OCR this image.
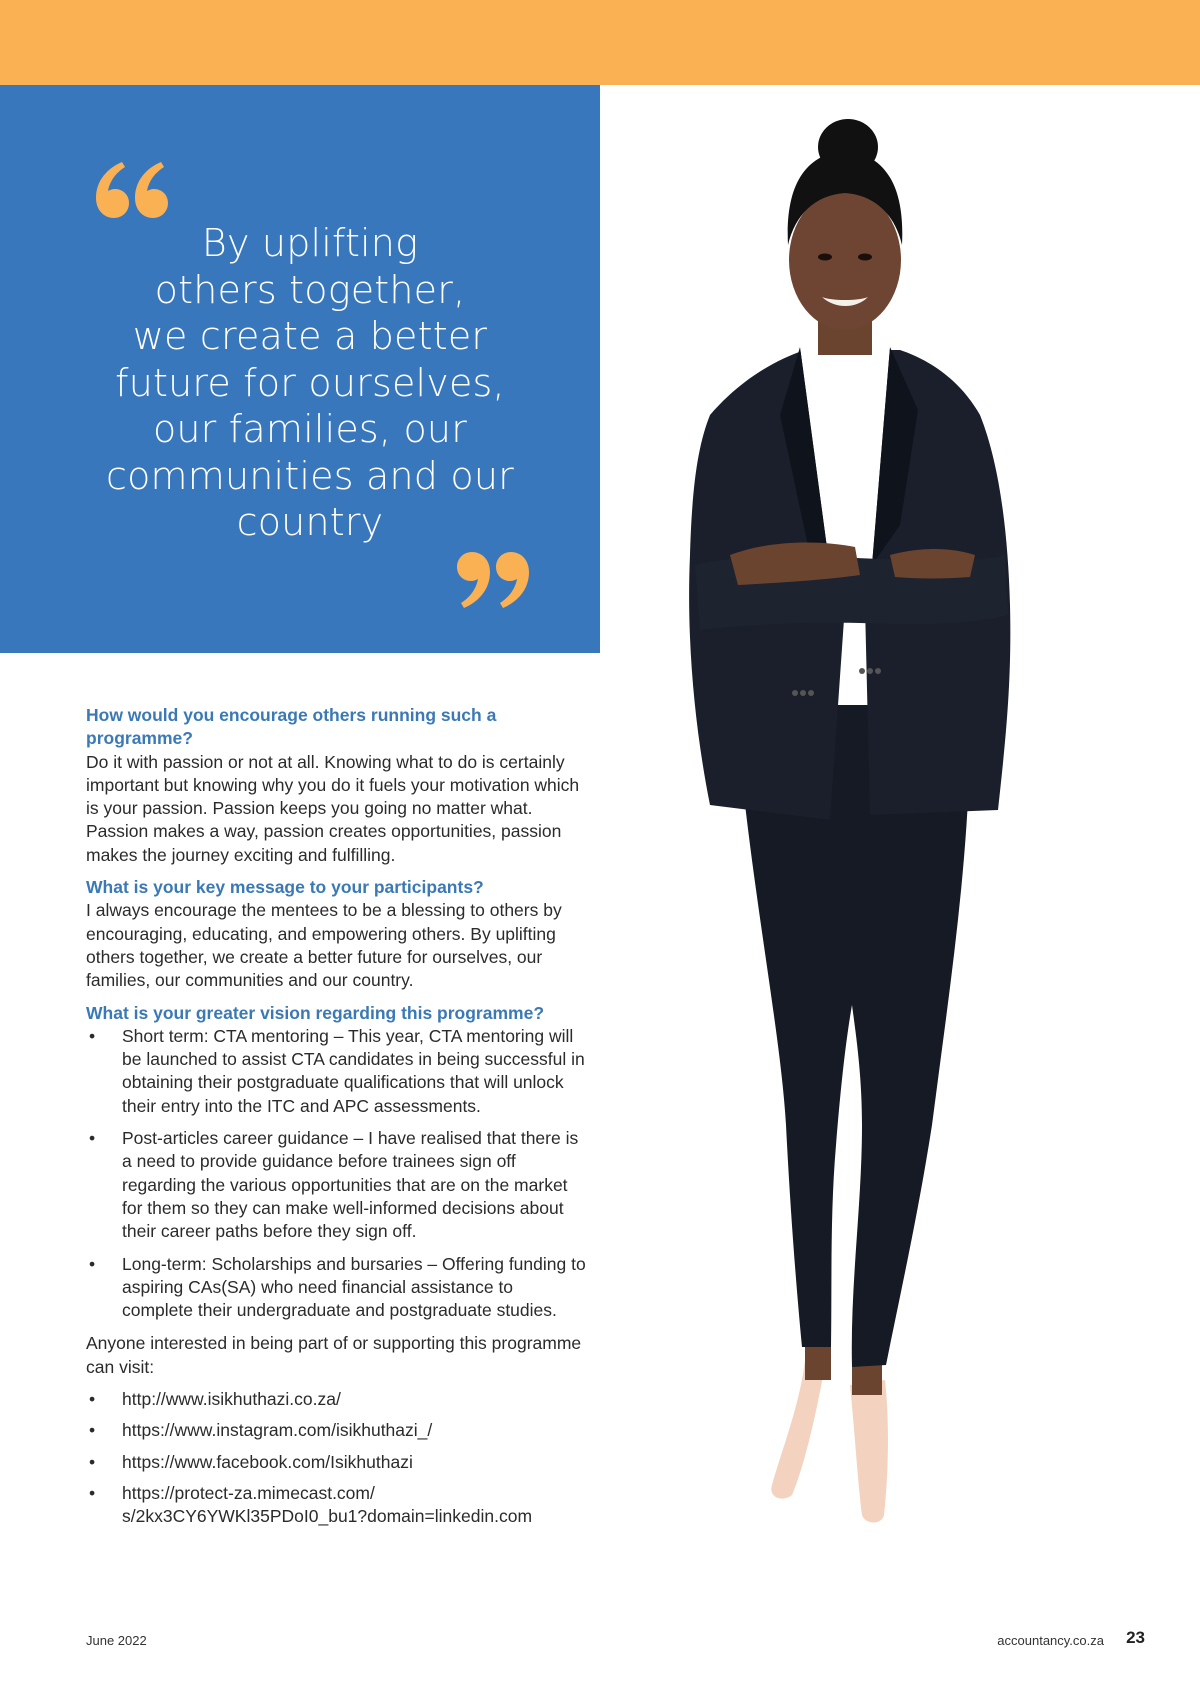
By uplifting
others together,
we create a better
future for ourselves,
our families, our
communities and our
country
How would you encourage others running such a programme?
Do it with passion or not at all. Knowing what to do is certainly important but knowing why you do it fuels your motivation which is your passion. Passion keeps you going no matter what. Passion makes a way, passion creates opportunities, passion makes the journey exciting and fulfilling.
What is your key message to your participants?
I always encourage the mentees to be a blessing to others by encouraging, educating, and empowering others. By uplifting others together, we create a better future for ourselves, our families, our communities and our country.
What is your greater vision regarding this programme?
• Short term: CTA mentoring – This year, CTA mentoring will be launched to assist CTA candidates in being successful in obtaining their postgraduate qualifications that will unlock their entry into the ITC and APC assessments.
• Post-articles career guidance – I have realised that there is a need to provide guidance before trainees sign off regarding the various opportunities that are on the market for them so they can make well-informed decisions about their career paths before they sign off.
• Long-term: Scholarships and bursaries – Offering funding to aspiring CAs(SA) who need financial assistance to complete their undergraduate and postgraduate studies.
Anyone interested in being part of or supporting this programme can visit:
• http://www.isikhuthazi.co.za/
• https://www.instagram.com/isikhuthazi_/
• https://www.facebook.com/Isikhuthazi
• https://protect-za.mimecast.com/ s/2kx3CY6YWKl35PDoI0_bu1?domain=linkedin.com
June 2022	accountancy.co.za 23
